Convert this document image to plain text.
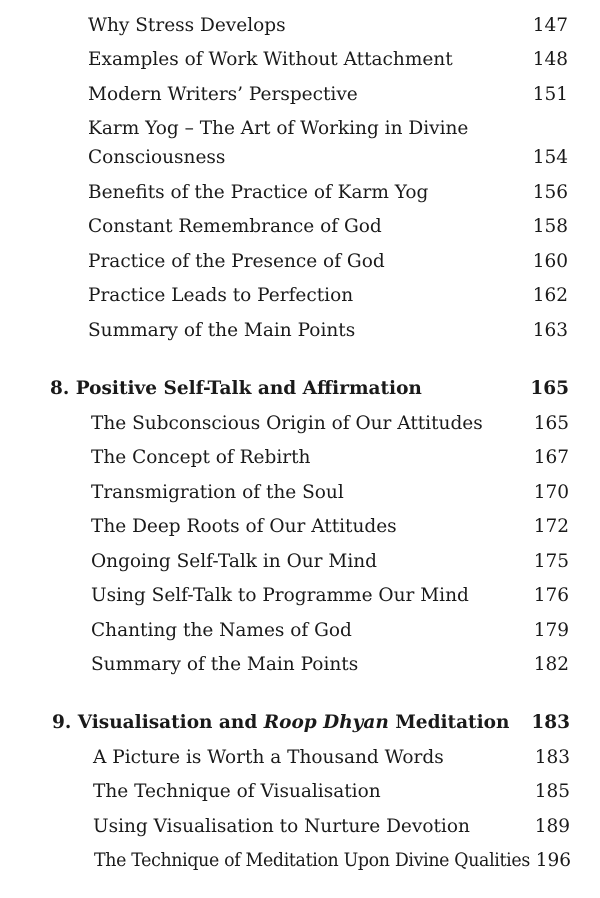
Why Stress Develops	147
Examples of Work Without Attachment	148
Modern Writers’ Perspective	151
Karm Yog – The Art of Working in Divine
Consciousness	154
Benefits of the Practice of Karm Yog	156
Constant Remembrance of God	158
Practice of the Presence of God	160
Practice Leads to Perfection	162
Summary of the Main Points	163
8. Positive Self-Talk and Affirmation	165
The Subconscious Origin of Our Attitudes	165
The Concept of Rebirth	167
Transmigration of the Soul	170
The Deep Roots of Our Attitudes	172
Ongoing Self-Talk in Our Mind	175
Using Self-Talk to Programme Our Mind	176
Chanting the Names of God	179
Summary of the Main Points	182
9. Visualisation and Roop Dhyan Meditation 183
A Picture is Worth a Thousand Words	183
The Technique of Visualisation	185
Using Visualisation to Nurture Devotion	189
The Technique of Meditation Upon Divine Qualities 196
